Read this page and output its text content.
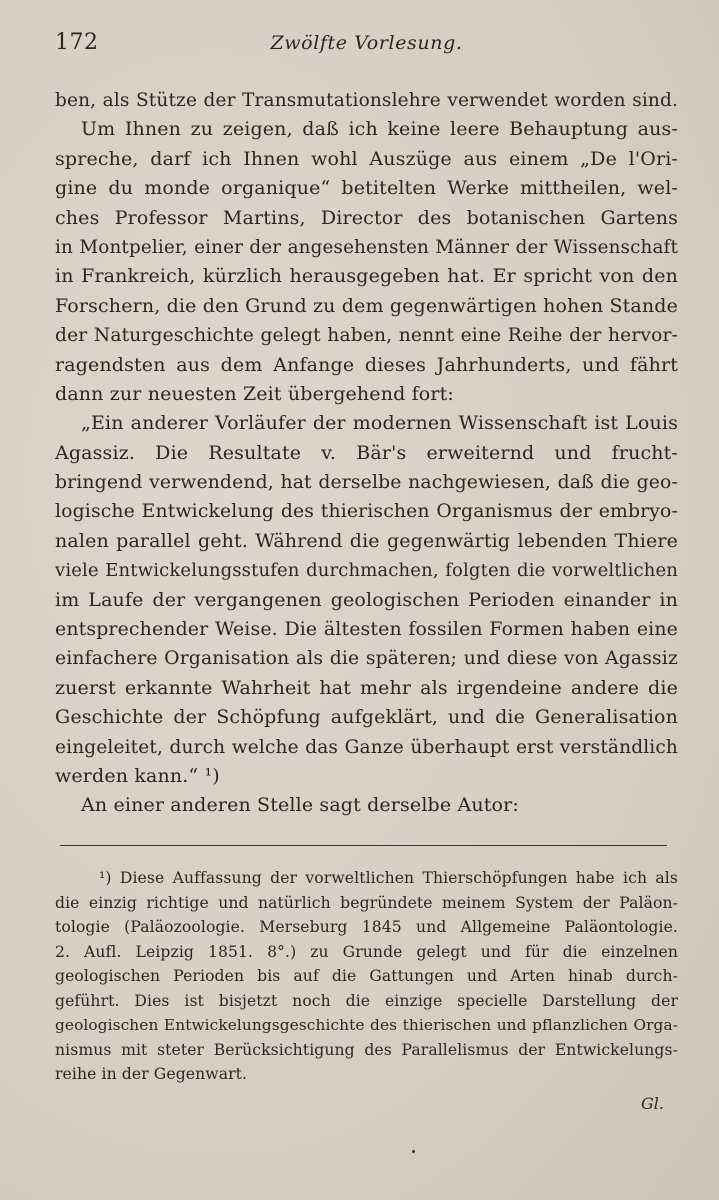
172	Zwölfte Vorlesung.
ben, als Stütze der Transmutationslehre verwendet worden sind.
Um Ihnen zu zeigen, daß ich keine leere Behauptung aus-
spreche, darf ich Ihnen wohl Auszüge aus einem „De l'Ori-
gine du monde organique“ betitelten Werke mittheilen, wel-
ches Professor Martins, Director des botanischen Gartens
in Montpelier, einer der angesehensten Männer der Wissenschaft
in Frankreich, kürzlich herausgegeben hat. Er spricht von den
Forschern, die den Grund zu dem gegenwärtigen hohen Stande
der Naturgeschichte gelegt haben, nennt eine Reihe der hervor-
ragendsten aus dem Anfange dieses Jahrhunderts, und fährt
dann zur neuesten Zeit übergehend fort:
„Ein anderer Vorläufer der modernen Wissenschaft ist Louis
Agassiz. Die Resultate v. Bär's erweiternd und frucht-
bringend verwendend, hat derselbe nachgewiesen, daß die geo-
logische Entwickelung des thierischen Organismus der embryo-
nalen parallel geht. Während die gegenwärtig lebenden Thiere
viele Entwickelungsstufen durchmachen, folgten die vorweltlichen
im Laufe der vergangenen geologischen Perioden einander in
entsprechender Weise. Die ältesten fossilen Formen haben eine
einfachere Organisation als die späteren; und diese von Agassiz
zuerst erkannte Wahrheit hat mehr als irgendeine andere die
Geschichte der Schöpfung aufgeklärt, und die Generalisation
eingeleitet, durch welche das Ganze überhaupt erst verständlich
werden kann.“ ¹)
An einer anderen Stelle sagt derselbe Autor:
¹) Diese Auffassung der vorweltlichen Thierschöpfungen habe ich als
die einzig richtige und natürlich begründete meinem System der Paläon-
tologie (Paläozoologie. Merseburg 1845 und Allgemeine Paläontologie.
2. Aufl. Leipzig 1851. 8°.) zu Grunde gelegt und für die einzelnen
geologischen Perioden bis auf die Gattungen und Arten hinab durch-
geführt. Dies ist bisjetzt noch die einzige specielle Darstellung der
geologischen Entwickelungsgeschichte des thierischen und pflanzlichen Orga-
nismus mit steter Berücksichtigung des Parallelismus der Entwickelungs-
reihe in der Gegenwart.
Gl.
